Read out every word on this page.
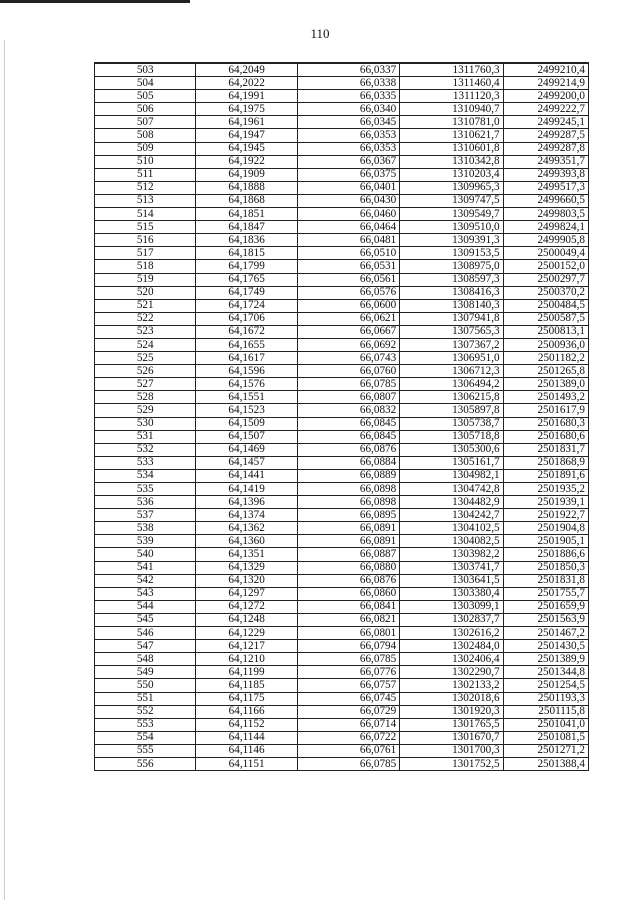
110
503	64,2049	66,0337	1311760,3	2499210,4
504	64,2022	66,0338	1311460,4	2499214,9
505	64,1991	66,0335	1311120,3	2499200,0
506	64,1975	66,0340	1310940,7	2499222,7
507	64,1961	66,0345	1310781,0	2499245,1
508	64,1947	66,0353	1310621,7	2499287,5
509	64,1945	66,0353	1310601,8	2499287,8
510	64,1922	66,0367	1310342,8	2499351,7
511	64,1909	66,0375	1310203,4	2499393,8
512	64,1888	66,0401	1309965,3	2499517,3
513	64,1868	66,0430	1309747,5	2499660,5
514	64,1851	66,0460	1309549,7	2499803,5
515	64,1847	66,0464	1309510,0	2499824,1
516	64,1836	66,0481	1309391,3	2499905,8
517	64,1815	66,0510	1309153,5	2500049,4
518	64,1799	66,0531	1308975,0	2500152,0
519	64,1765	66,0561	1308597,3	2500297,7
520	64,1749	66,0576	1308416,3	2500370,2
521	64,1724	66,0600	1308140,3	2500484,5
522	64,1706	66,0621	1307941,8	2500587,5
523	64,1672	66,0667	1307565,3	2500813,1
524	64,1655	66,0692	1307367,2	2500936,0
525	64,1617	66,0743	1306951,0	2501182,2
526	64,1596	66,0760	1306712,3	2501265,8
527	64,1576	66,0785	1306494,2	2501389,0
528	64,1551	66,0807	1306215,8	2501493,2
529	64,1523	66,0832	1305897,8	2501617,9
530	64,1509	66,0845	1305738,7	2501680,3
531	64,1507	66,0845	1305718,8	2501680,6
532	64,1469	66,0876	1305300,6	2501831,7
533	64,1457	66,0884	1305161,7	2501868,9
534	64,1441	66,0889	1304982,1	2501891,6
535	64,1419	66,0898	1304742,8	2501935,2
536	64,1396	66,0898	1304482,9	2501939,1
537	64,1374	66,0895	1304242,7	2501922,7
538	64,1362	66,0891	1304102,5	2501904,8
539	64,1360	66,0891	1304082,5	2501905,1
540	64,1351	66,0887	1303982,2	2501886,6
541	64,1329	66,0880	1303741,7	2501850,3
542	64,1320	66,0876	1303641,5	2501831,8
543	64,1297	66,0860	1303380,4	2501755,7
544	64,1272	66,0841	1303099,1	2501659,9
545	64,1248	66,0821	1302837,7	2501563,9
546	64,1229	66,0801	1302616,2	2501467,2
547	64,1217	66,0794	1302484,0	2501430,5
548	64,1210	66,0785	1302406,4	2501389,9
549	64,1199	66,0776	1302290,7	2501344,8
550	64,1185	66,0757	1302133,2	2501254,5
551	64,1175	66,0745	1302018,6	2501193,3
552	64,1166	66,0729	1301920,3	2501115,8
553	64,1152	66,0714	1301765,5	2501041,0
554	64,1144	66,0722	1301670,7	2501081,5
555	64,1146	66,0761	1301700,3	2501271,2
556	64,1151	66,0785	1301752,5	2501388,4
